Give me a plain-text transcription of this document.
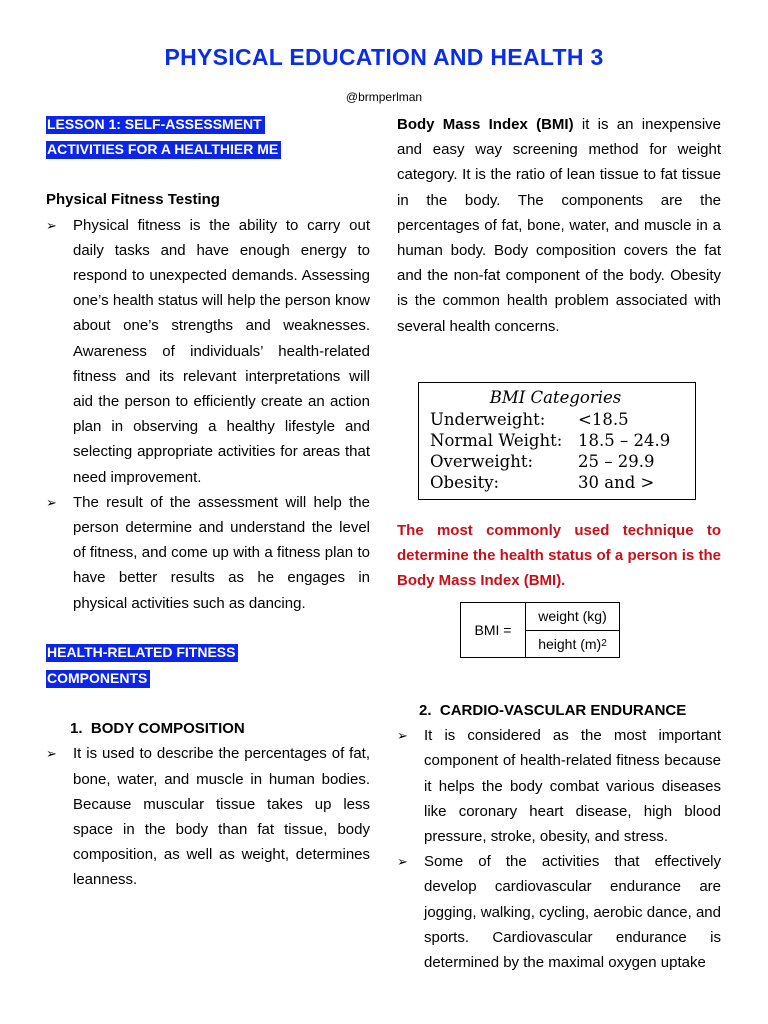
PHYSICAL EDUCATION AND HEALTH 3
@brmperlman
LESSON 1: SELF-ASSESSMENT
ACTIVITIES FOR A HEALTHIER ME
Physical Fitness Testing
➢ Physical fitness is the ability to carry out daily tasks and have enough energy to respond to unexpected demands. Assessing one’s health status will help the person know about one’s strengths and weaknesses. Awareness of individuals’ health-related fitness and its relevant interpretations will aid the person to efficiently create an action plan in observing a healthy lifestyle and selecting appropriate activities for areas that need improvement.
➢ The result of the assessment will help the person determine and understand the level of fitness, and come up with a fitness plan to have better results as he engages in physical activities such as dancing.
HEALTH-RELATED FITNESS
COMPONENTS
1. BODY COMPOSITION
➢ It is used to describe the percentages of fat, bone, water, and muscle in human bodies. Because muscular tissue takes up less space in the body than fat tissue, body composition, as well as weight, determines leanness.
Body Mass Index (BMI) it is an inexpensive and easy way screening method for weight category. It is the ratio of lean tissue to fat tissue in the body. The components are the percentages of fat, bone, water, and muscle in a human body. Body composition covers the fat and the non-fat component of the body. Obesity is the common health problem associated with several health concerns.
BMI Categories
Underweight:	<18.5
Normal Weight: 18.5 – 24.9
Overweight:	25 – 29.9
Obesity:	30 and >
The most commonly used technique to determine the health status of a person is the Body Mass Index (BMI).
BMI =	$\frac{\text{weight (kg)}}{\text{height (m) 2}}$
2. CARDIO-VASCULAR ENDURANCE
➢ It is considered as the most important component of health-related fitness because it helps the body combat various diseases like coronary heart disease, high blood pressure, stroke, obesity, and stress.
➢ Some of the activities that effectively develop cardiovascular endurance are jogging, walking, cycling, aerobic dance, and sports. Cardiovascular endurance is determined by the maximal oxygen uptake
